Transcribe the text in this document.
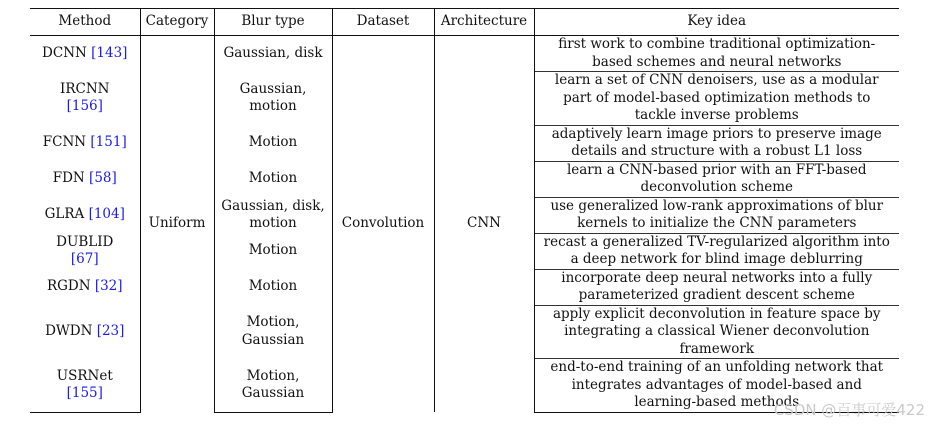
Method	Category	Blur type	Dataset	Architecture	Key idea
DCNN [143]	Uniform	Gaussian, disk	Convolution	CNN	first work to combine traditional optimization-based schemes and neural networks

IRCNN
[156]		Gaussian, motion			learn a set of CNN denoisers, use as a modular part of model-based optimization methods to tackle inverse problems
FCNN [151]		Motion			adaptively learn image priors to preserve image details and structure with a robust L1 loss
FDN [58]		Motion			learn a CNN-based prior with an FFT-based deconvolution scheme
GLRA [104]		Gaussian, disk, motion			use generalized low-rank approximations of blur kernels to initialize the CNN parameters

DUBLID
[67]		Motion			recast a generalized TV-regularized algorithm into a deep network for blind image deblurring
RGDN [32]		Motion			incorporate deep neural networks into a fully parameterized gradient descent scheme
DWDN [23]		Motion, Gaussian			apply explicit deconvolution in feature space by integrating a classical Wiener deconvolution framework

USRNet
[155]		Motion, Gaussian			end-to-end training of an unfolding network that integrates advantages of model-based and learning-based methods
CSDN @百事可爱422
